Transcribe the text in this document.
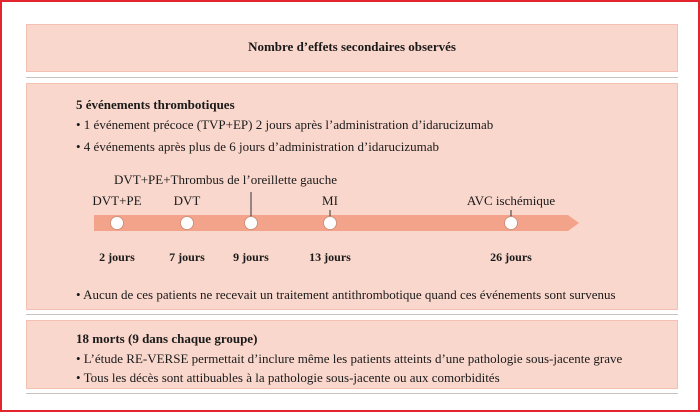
Nombre d’effets secondaires observés
5 événements thrombotiques
• 1 événement précoce (TVP+EP) 2 jours après l’administration d’idarucizumab
• 4 événements après plus de 6 jours d’administration d’idarucizumab
DVT+PE
2 jours
DVT
7 jours
DVT+PE+Thrombus de l’oreillette gauche
9 jours
MI
13 jours
AVC ischémique
26 jours
• Aucun de ces patients ne recevait un traitement antithrombotique quand ces événements sont survenus
18 morts (9 dans chaque groupe)
• L’étude RE-VERSE permettait d’inclure même les patients atteints d’une pathologie sous-jacente grave
• Tous les décès sont attibuables à la pathologie sous-jacente ou aux comorbidités
